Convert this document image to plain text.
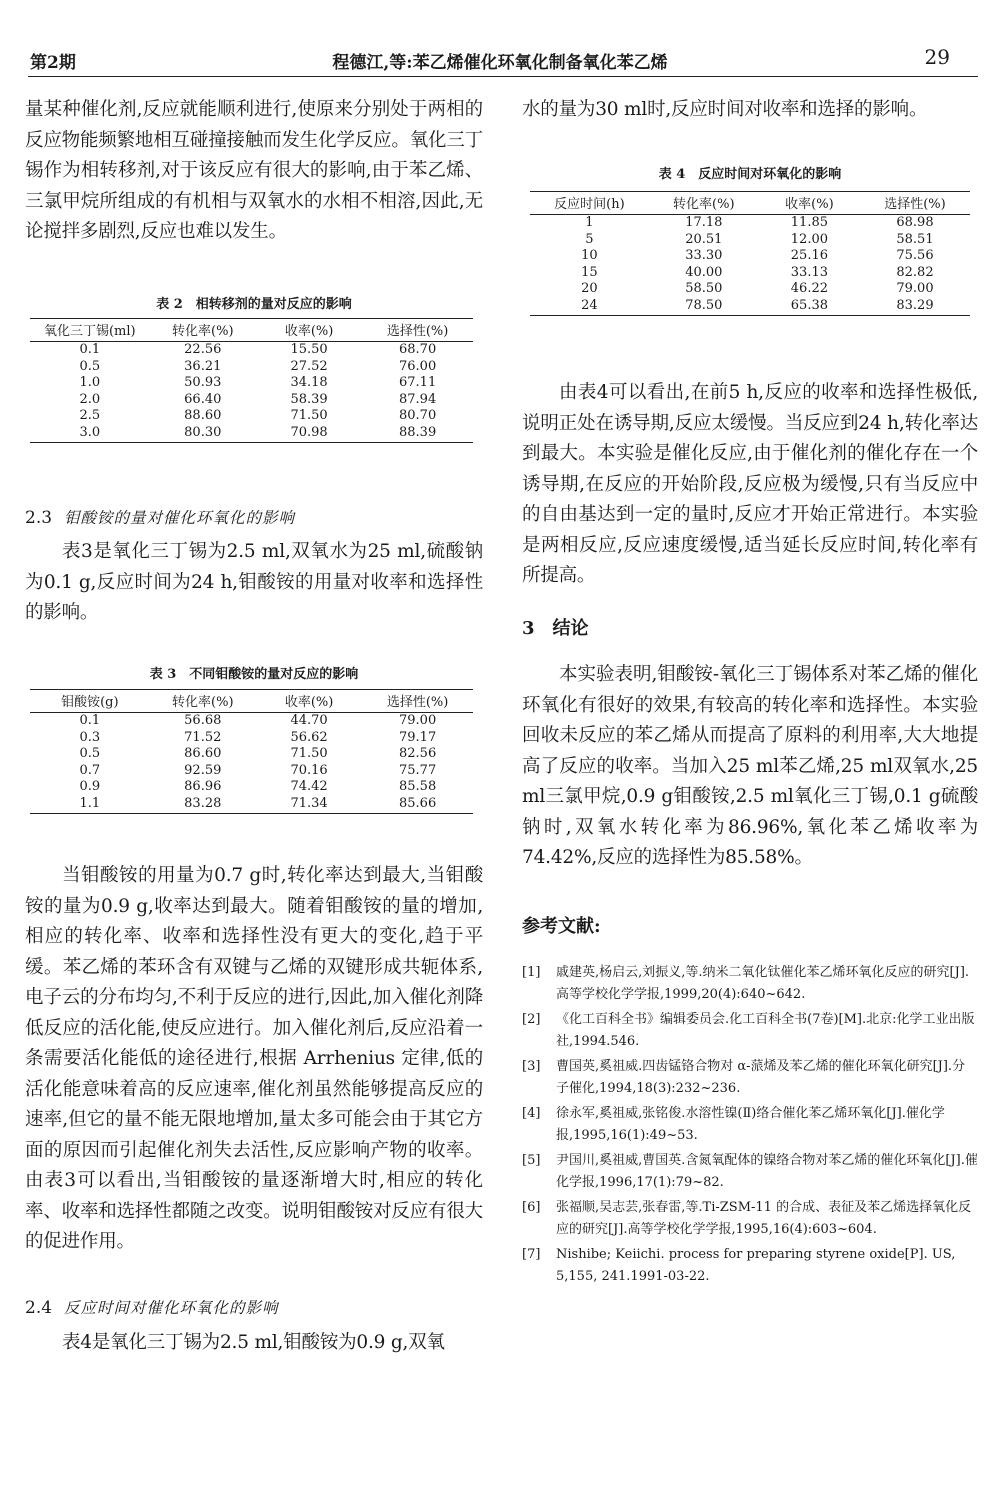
第2期	程德江,等:苯乙烯催化环氧化制备氧化苯乙烯	29

量某种催化剂,反应就能顺利进行,使原来分别处于两相的反应物能频繁地相互碰撞接触而发生化学反应。氧化三丁锡作为相转移剂,对于该反应有很大的影响,由于苯乙烯、三氯甲烷所组成的有机相与双氧水的水相不相溶,因此,无论搅拌多剧烈,反应也难以发生。

表 2　相转移剂的量对反应的影响

氧化三丁锡(ml)	转化率(%)	收率(%)	选择性(%)
0.1	22.56	15.50	68.70
0.5	36.21	27.52	76.00
1.0	50.93	34.18	67.11
2.0	66.40	58.39	87.94
2.5	88.60	71.50	80.70
3.0	80.30	70.98	88.39

2.3 钼酸铵的量对催化环氧化的影响

表3是氧化三丁锡为2.5 ml,双氧水为25 ml,硫酸钠为0.1 g,反应时间为24 h,钼酸铵的用量对收率和选择性的影响。

表 3　不同钼酸铵的量对反应的影响

钼酸铵(g)	转化率(%)	收率(%)	选择性(%)
0.1	56.68	44.70	79.00
0.3	71.52	56.62	79.17
0.5	86.60	71.50	82.56
0.7	92.59	70.16	75.77
0.9	86.96	74.42	85.58
1.1	83.28	71.34	85.66

当钼酸铵的用量为0.7 g时,转化率达到最大,当钼酸铵的量为0.9 g,收率达到最大。随着钼酸铵的量的增加,相应的转化率、收率和选择性没有更大的变化,趋于平缓。苯乙烯的苯环含有双键与乙烯的双键形成共轭体系,电子云的分布均匀,不利于反应的进行,因此,加入催化剂降低反应的活化能,使反应进行。加入催化剂后,反应沿着一条需要活化能低的途径进行,根据 Arrhenius 定律,低的活化能意味着高的反应速率,催化剂虽然能够提高反应的速率,但它的量不能无限地增加,量太多可能会由于其它方面的原因而引起催化剂失去活性,反应影响产物的收率。由表3可以看出,当钼酸铵的量逐渐增大时,相应的转化率、收率和选择性都随之改变。说明钼酸铵对反应有很大的促进作用。

2.4 反应时间对催化环氧化的影响

表4是氧化三丁锡为2.5 ml,钼酸铵为0.9 g,双氧

水的量为30 ml时,反应时间对收率和选择的影响。

表 4　反应时间对环氧化的影响

反应时间(h)	转化率(%)	收率(%)	选择性(%)
1	17.18	11.85	68.98
5	20.51	12.00	58.51
10	33.30	25.16	75.56
15	40.00	33.13	82.82
20	58.50	46.22	79.00
24	78.50	65.38	83.29

由表4可以看出,在前5 h,反应的收率和选择性极低,说明正处在诱导期,反应太缓慢。当反应到24 h,转化率达到最大。本实验是催化反应,由于催化剂的催化存在一个诱导期,在反应的开始阶段,反应极为缓慢,只有当反应中的自由基达到一定的量时,反应才开始正常进行。本实验是两相反应,反应速度缓慢,适当延长反应时间,转化率有所提高。

3 结论

本实验表明,钼酸铵-氧化三丁锡体系对苯乙烯的催化环氧化有很好的效果,有较高的转化率和选择性。本实验回收未反应的苯乙烯从而提高了原料的利用率,大大地提高了反应的收率。当加入25 ml苯乙烯,25 ml双氧水,25 ml三氯甲烷,0.9 g钼酸铵,2.5 ml氧化三丁锡,0.1 g硫酸钠时,双氧水转化率为86.96%,氧化苯乙烯收率为74.42%,反应的选择性为85.58%。

参考文献:

[1]	戚建英,杨启云,刘振义,等.纳米二氧化钛催化苯乙烯环氧化反应的研究[J].高等学校化学学报,1999,20(4):640~642.
[2]	《化工百科全书》编辑委员会.化工百科全书(7卷)[M].北京:化学工业出版社,1994.546.
[3]	曹国英,奚祖威.四齿锰铬合物对 α-蒎烯及苯乙烯的催化环氧化研究[J].分子催化,1994,18(3):232~236.
[4]	徐永军,奚祖威,张铭俊.水溶性镍(Ⅱ)络合催化苯乙烯环氧化[J].催化学报,1995,16(1):49~53.
[5]	尹国川,奚祖威,曹国英.含氮氧配体的镍络合物对苯乙烯的催化环氧化[J].催化学报,1996,17(1):79~82.
[6]	张福顺,吴志芸,张春雷,等.Ti-ZSM-11 的合成、表征及苯乙烯选择氧化反应的研究[J].高等学校化学学报,1995,16(4):603~604.
[7]	Nishibe; Keiichi. process for preparing styrene oxide[P]. US, 5,155, 241.1991-03-22.
